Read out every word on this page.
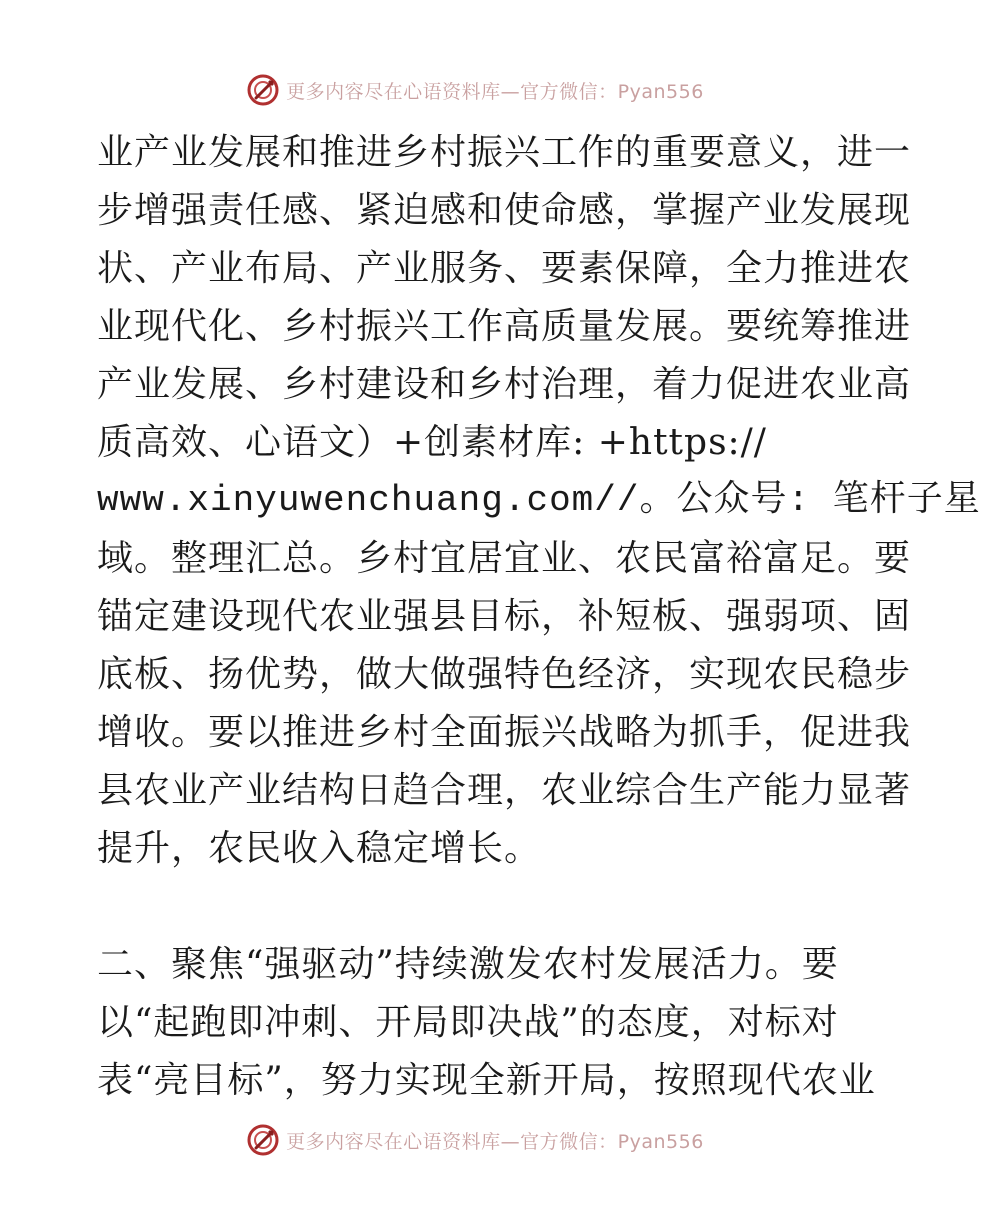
更多内容尽在心语资料库—官方微信：Pyan556
业产业发展和推进乡村振兴工作的重要意义，进一
步增强责任感、紧迫感和使命感，掌握产业发展现
状、产业布局、产业服务、要素保障，全力推进农
业现代化、乡村振兴工作高质量发展。要统筹推进
产业发展、乡村建设和乡村治理，着力促进农业高
质高效、心语文）+创素材库: +https://
www.xinyuwenchuang.com//。公众号: 笔杆子星
域。整理汇总。乡村宜居宜业、农民富裕富足。要
锚定建设现代农业强县目标，补短板、强弱项、固
底板、扬优势，做大做强特色经济，实现农民稳步
增收。要以推进乡村全面振兴战略为抓手，促进我
县农业产业结构日趋合理，农业综合生产能力显著
提升，农民收入稳定增长。
二、聚焦“强驱动”持续激发农村发展活力。要
以“起跑即冲刺、开局即决战”的态度，对标对
表“亮目标”，努力实现全新开局，按照现代农业
更多内容尽在心语资料库—官方微信：Pyan556
